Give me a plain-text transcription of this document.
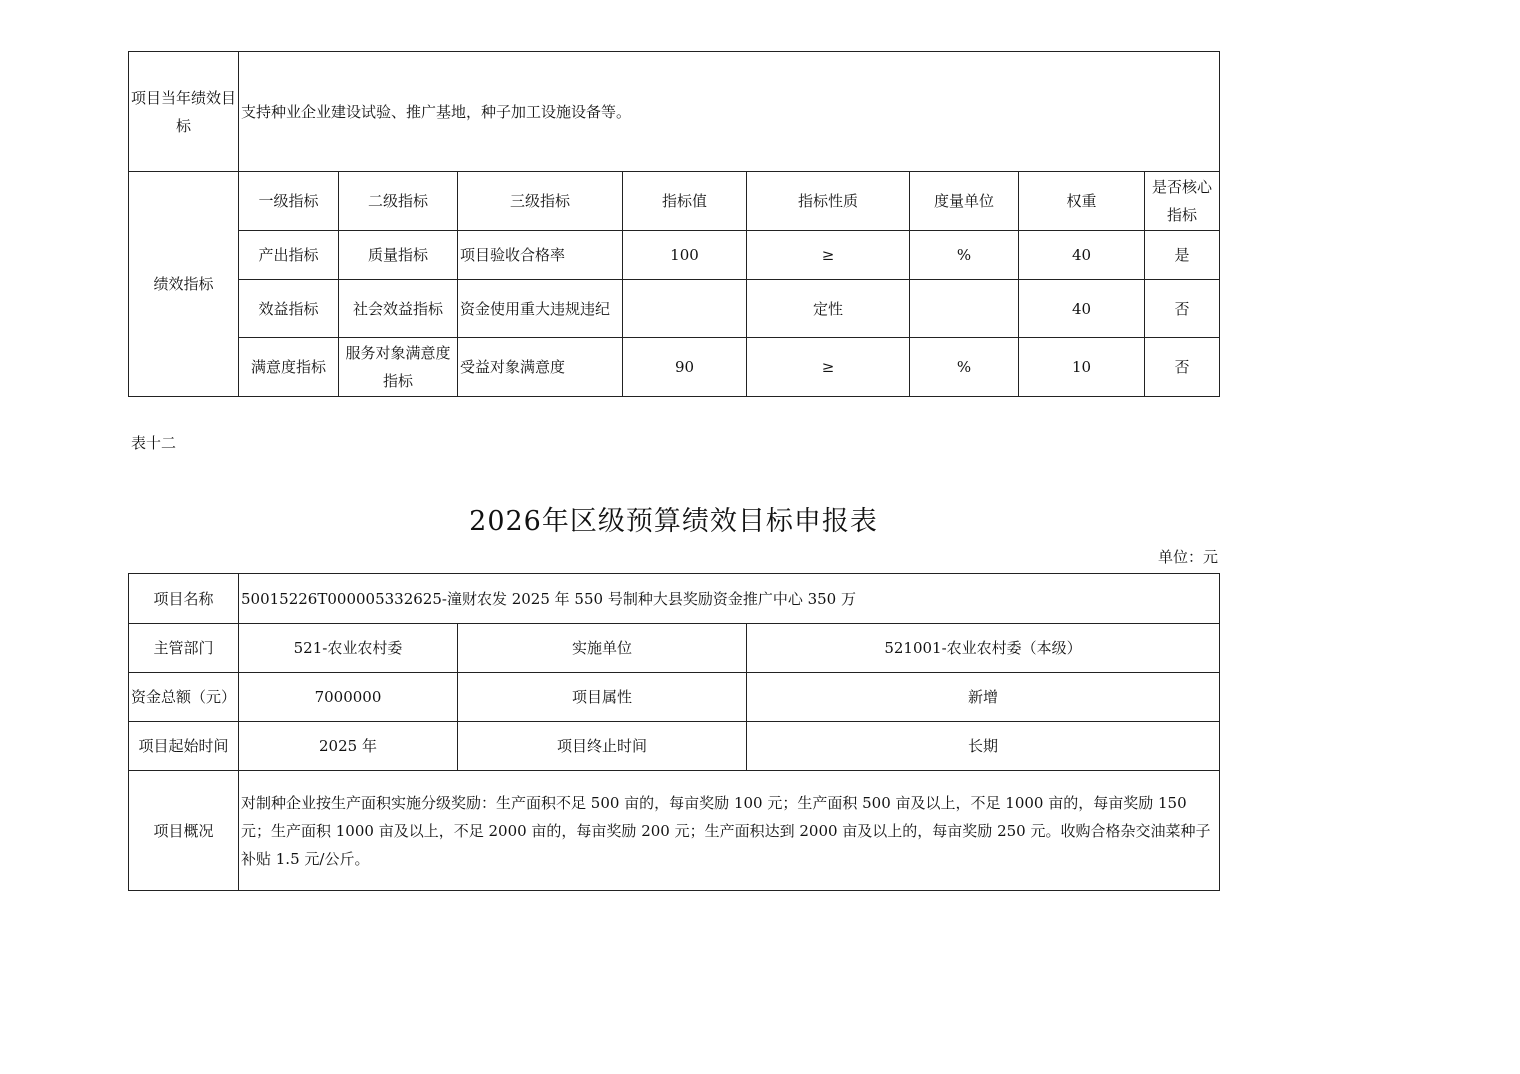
项目当年绩效目标	支持种业企业建设试验、推广基地，种子加工设施设备等。							
绩效指标	一级指标	二级指标	三级指标	指标值	指标性质	度量单位	权重	是否核心指标
	产出指标	质量指标	项目验收合格率	100	≥	%	40	是
	效益指标	社会效益指标	资金使用重大违规违纪		定性		40	否
	满意度指标	服务对象满意度指标	受益对象满意度	90	≥	%	10	否
表十二
2026年区级预算绩效目标申报表
单位：元
项目名称	50015226T000005332625-潼财农发 2025 年 550 号制种大县奖励资金推广中心 350 万		
主管部门	521-农业农村委	实施单位	521001-农业农村委（本级）
资金总额（元）	7000000	项目属性	新增
项目起始时间	2025 年	项目终止时间	长期
项目概况	对制种企业按生产面积实施分级奖励：生产面积不足 500 亩的，每亩奖励 100 元；生产面积 500 亩及以上，不足 1000 亩的，每亩奖励 150 元；生产面积 1000 亩及以上，不足 2000 亩的，每亩奖励 200 元；生产面积达到 2000 亩及以上的，每亩奖励 250 元。收购合格杂交油菜种子补贴 1.5 元/公斤。		
